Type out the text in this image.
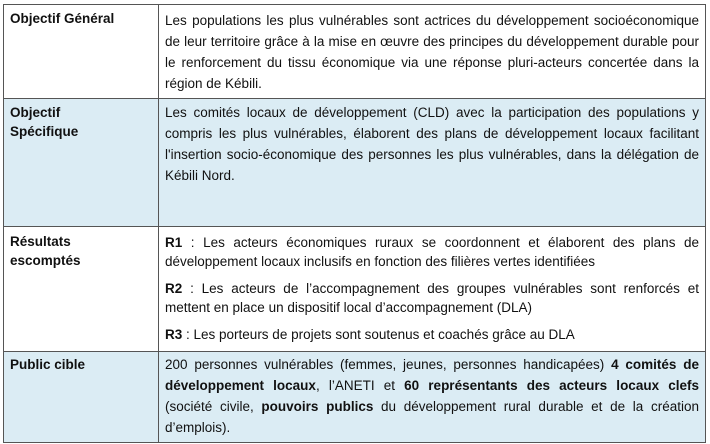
Objectif Général	Les populations les plus vulnérables sont actrices du développement socioéconomique de leur territoire grâce à la mise en œuvre des principes du développement durable pour le renforcement du tissu économique via une réponse pluri-acteurs concertée dans la région de Kébili.

Objectif Spécifique	Les comités locaux de développement (CLD) avec la participation des populations y compris les plus vulnérables, élaborent des plans de développement locaux facilitant l'insertion socio-économique des personnes les plus vulnérables, dans la délégation de Kébili Nord.

Résultats escomptés	R1 : Les acteurs économiques ruraux se coordonnent et élaborent des plans de développement locaux inclusifs en fonction des filières vertes identifiées

R2 : Les acteurs de l’accompagnement des groupes vulnérables sont renforcés et mettent en place un dispositif local d’accompagnement (DLA)

R3 : Les porteurs de projets sont soutenus et coachés grâce au DLA

Public cible	200 personnes vulnérables (femmes, jeunes, personnes handicapées) 4 comités de développement locaux, l’ANETI et 60 représentants des acteurs locaux clefs (société civile, pouvoirs publics du développement rural durable et de la création d’emplois).
